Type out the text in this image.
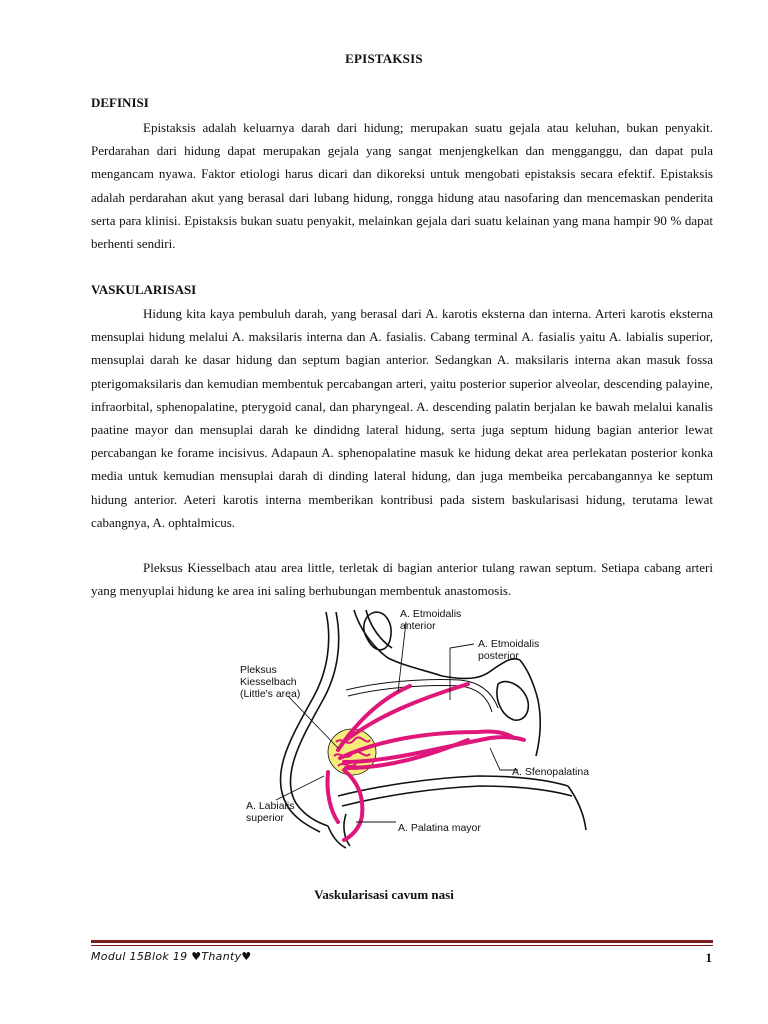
EPISTAKSIS
DEFINISI

Epistaksis adalah keluarnya darah dari hidung; merupakan suatu gejala atau keluhan, bukan penyakit. Perdarahan dari hidung dapat merupakan gejala yang sangat menjengkelkan dan mengganggu, dan dapat pula mengancam nyawa. Faktor etiologi harus dicari dan dikoreksi untuk mengobati epistaksis secara efektif. Epistaksis adalah perdarahan akut yang berasal dari lubang hidung, rongga hidung atau nasofaring dan mencemaskan penderita serta para klinisi. Epistaksis bukan suatu penyakit, melainkan gejala dari suatu kelainan yang mana hampir 90 % dapat berhenti sendiri.

VASKULARISASI

Hidung kita kaya pembuluh darah, yang berasal dari A. karotis eksterna dan interna. Arteri karotis eksterna mensuplai hidung melalui A. maksilaris interna dan A. fasialis. Cabang terminal A. fasialis yaitu A. labialis superior, mensuplai darah ke dasar hidung dan septum bagian anterior. Sedangkan A. maksilaris interna akan masuk fossa pterigomaksilaris dan kemudian membentuk percabangan arteri, yaitu posterior superior alveolar, descending palayine, infraorbital, sphenopalatine, pterygoid canal, dan pharyngeal. A. descending palatin berjalan ke bawah melalui kanalis paatine mayor dan mensuplai darah ke dindidng lateral hidung, serta juga septum hidung bagian anterior lewat percabangan ke forame incisivus. Adapaun A. sphenopalatine masuk ke hidung dekat area perlekatan posterior konka media untuk kemudian mensuplai darah di dinding lateral hidung, dan juga membeika percabangannya ke septum hidung anterior. Aeteri karotis interna memberikan kontribusi pada sistem baskularisasi hidung, terutama lewat cabangnya, A. ophtalmicus.

Pleksus Kiesselbach atau area little, terletak di bagian anterior tulang rawan septum. Setiapa cabang arteri yang menyuplai hidung ke area ini saling berhubungan membentuk anastomosis.

A. Etmoidalis
anterior
A. Etmoidalis
posterior
Pleksus
Kiesselbach
(Little's area)
A. Sfenopalatina
A. Labialis
superior
A. Palatina mayor
Vaskularisasi cavum nasi
Modul 15Blok 19 ♥Thanty♥	1
